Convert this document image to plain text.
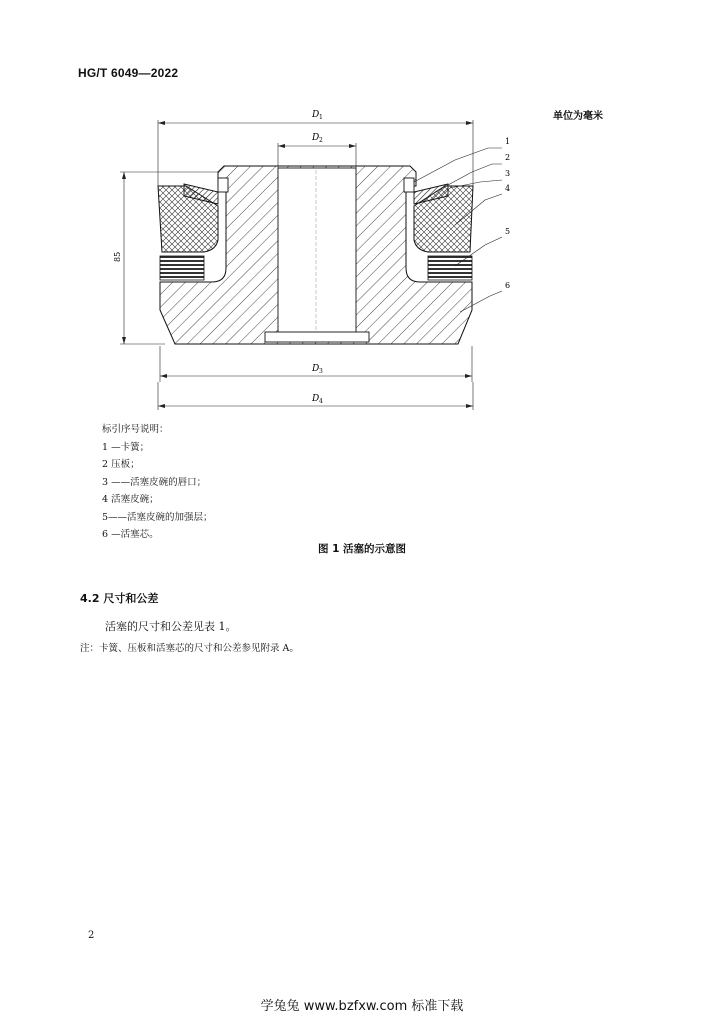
HG/T 6049—2022
单位为毫米
D 1
D 2
85
1
2
3
4
5
6
D 3
D 4
标引序号说明：
1 —卡簧；
2 压板；
3 ——活塞皮碗的唇口；
4 活塞皮碗；
5——活塞皮碗的加强层；
6 —活塞芯。
图 1 活塞的示意图
4.2 尺寸和公差
活塞的尺寸和公差见表 1。
注：卡簧、压板和活塞芯的尺寸和公差参见附录 A。
2
学兔兔 www.bzfxw.com 标准下载
